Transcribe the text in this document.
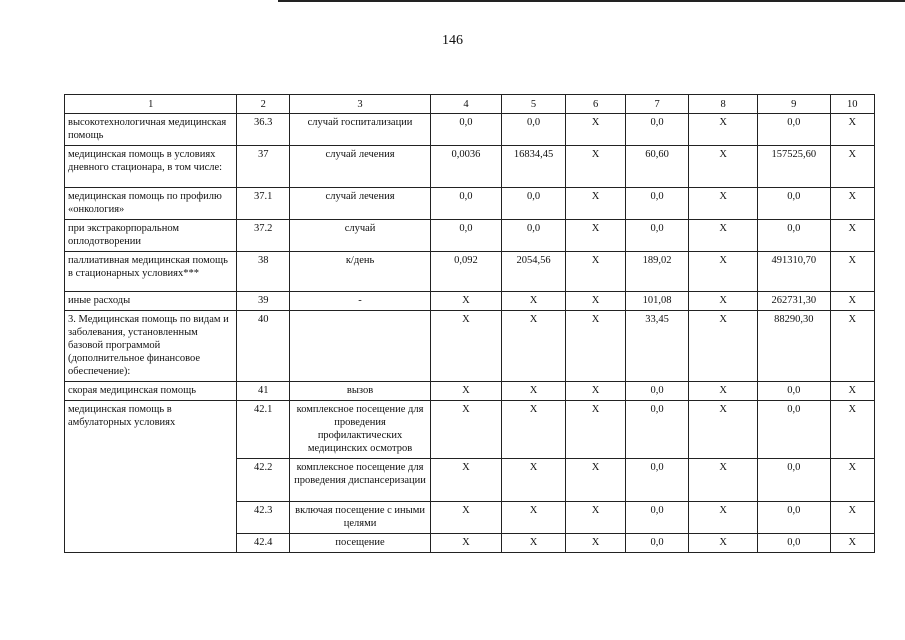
146
1	2	3	4	5	6	7	8	9	10
высокотехнологичная медицинская помощь	36.3	случай госпитализации	0,0	0,0	Х	0,0	Х	0,0	Х
медицинская помощь в условиях дневного стационара, в том числе:	37	случай лечения	0,0036	16834,45	Х	60,60	Х	157525,60	Х
медицинская помощь по профилю «онкология»	37.1	случай лечения	0,0	0,0	Х	0,0	Х	0,0	Х
при экстракорпоральном оплодотворении	37.2	случай	0,0	0,0	Х	0,0	Х	0,0	Х
паллиативная медицинская помощь в стационарных условиях***	38	к/день	0,092	2054,56	Х	189,02	Х	491310,70	Х
иные расходы	39	-	Х	Х	Х	101,08	Х	262731,30	Х
3. Медицинская помощь по видам и заболевания, установленным базовой программой (дополнительное финансовое обеспечение):	40		Х	Х	Х	33,45	Х	88290,30	Х
скорая медицинская помощь	41	вызов	Х	Х	Х	0,0	Х	0,0	Х
медицинская помощь в амбулаторных условиях	42.1	комплексное посещение для проведения профилактических медицинских осмотров	Х	Х	Х	0,0	Х	0,0	Х
	42.2	комплексное посещение для проведения диспансеризации	Х	Х	Х	0,0	Х	0,0	Х
	42.3	включая посещение с иными целями	Х	Х	Х	0,0	Х	0,0	Х
	42.4	посещение	Х	Х	Х	0,0	Х	0,0	Х
